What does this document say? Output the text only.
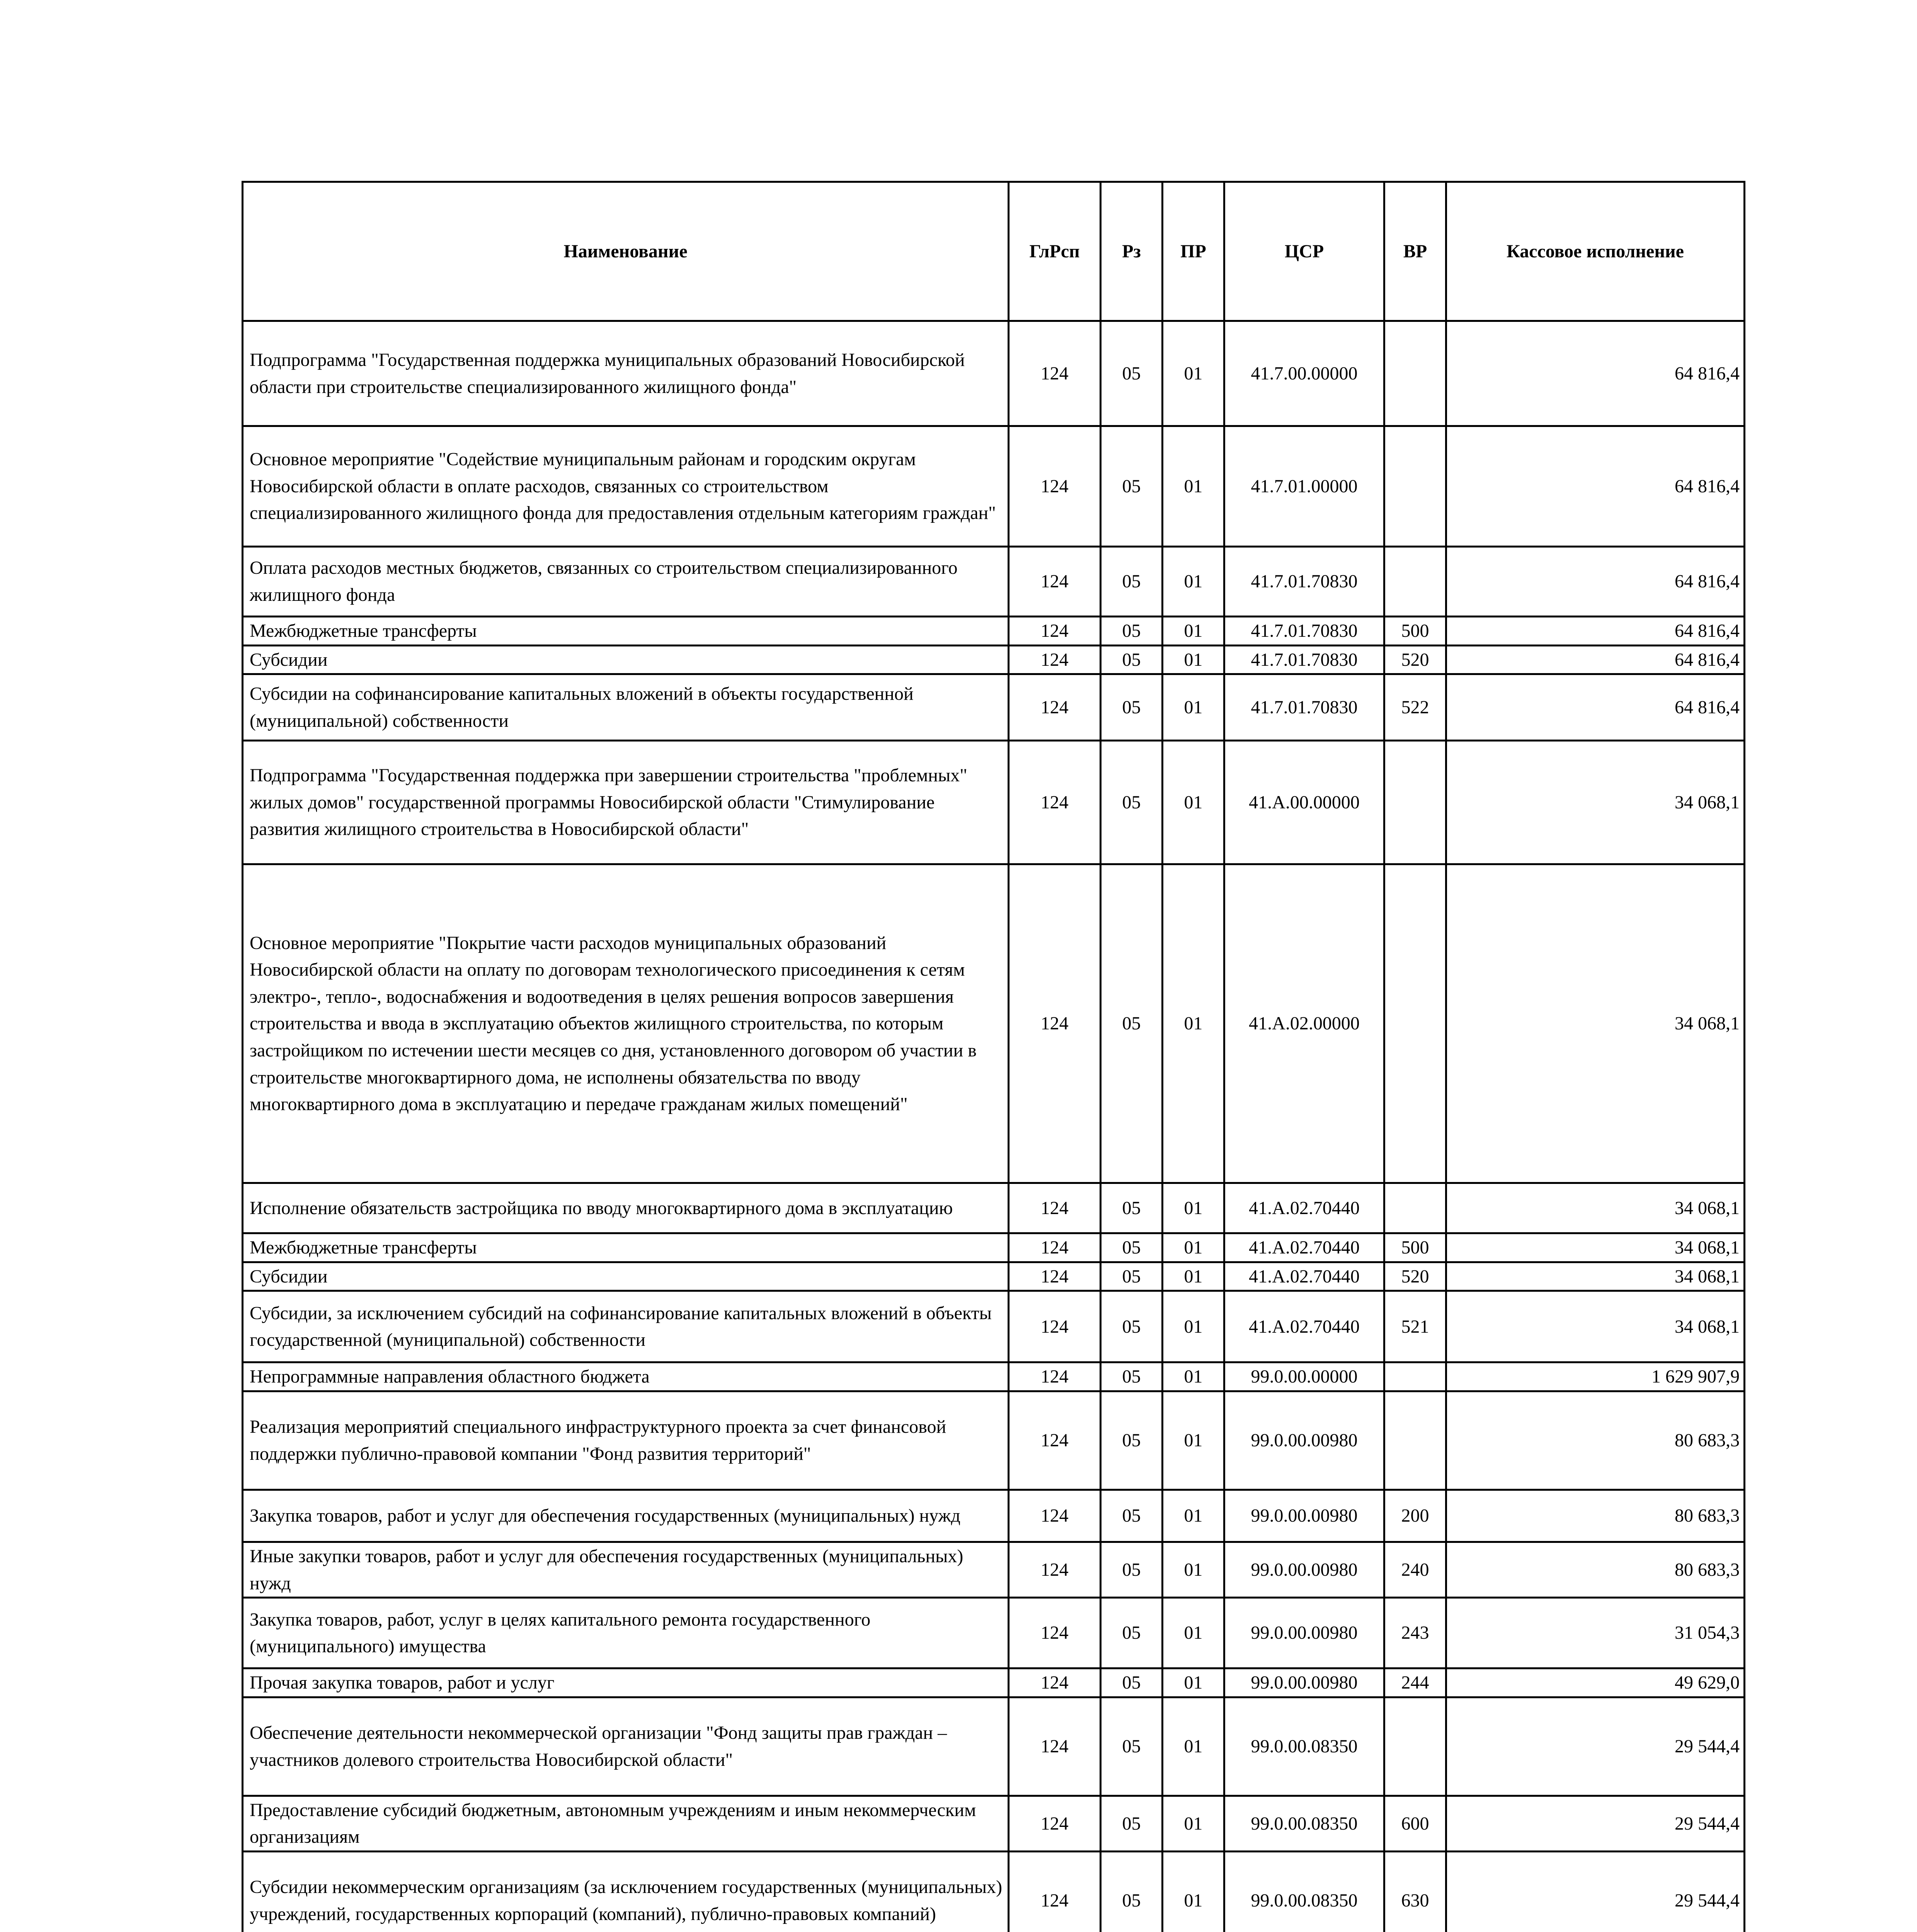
Наименование	ГлРсп	Рз	ПР	ЦСР	ВР	Кассовое исполнение
Подпрограмма "Государственная поддержка муниципальных образований Новосибирской области при строительстве специализированного жилищного фонда"	124	05	01	41.7.00.00000		64 816,4
Основное мероприятие "Содействие муниципальным районам и городским округам Новосибирской области в оплате расходов, связанных со строительством специализированного жилищного фонда для предоставления отдельным категориям граждан"	124	05	01	41.7.01.00000		64 816,4
Оплата расходов местных бюджетов, связанных со строительством специализированного жилищного фонда	124	05	01	41.7.01.70830		64 816,4
Межбюджетные трансферты	124	05	01	41.7.01.70830	500	64 816,4
Субсидии	124	05	01	41.7.01.70830	520	64 816,4
Субсидии на софинансирование капитальных вложений в объекты государственной (муниципальной) собственности	124	05	01	41.7.01.70830	522	64 816,4
Подпрограмма "Государственная поддержка при завершении строительства "проблемных" жилых домов" государственной программы Новосибирской области "Стимулирование развития жилищного строительства в Новосибирской области"	124	05	01	41.А.00.00000		34 068,1
Основное мероприятие "Покрытие части расходов муниципальных образований Новосибирской области на оплату по договорам технологического присоединения к сетям электро-, тепло-, водоснабжения и водоотведения в целях решения вопросов завершения строительства и ввода в эксплуатацию объектов жилищного строительства, по которым застройщиком по истечении шести месяцев со дня, установленного договором об участии в строительстве многоквартирного дома, не исполнены обязательства по вводу многоквартирного дома в эксплуатацию и передаче гражданам жилых помещений"	124	05	01	41.А.02.00000		34 068,1
Исполнение обязательств застройщика по вводу многоквартирного дома в эксплуатацию	124	05	01	41.А.02.70440		34 068,1
Межбюджетные трансферты	124	05	01	41.А.02.70440	500	34 068,1
Субсидии	124	05	01	41.А.02.70440	520	34 068,1
Субсидии, за исключением субсидий на софинансирование капитальных вложений в объекты государственной (муниципальной) собственности	124	05	01	41.А.02.70440	521	34 068,1
Непрограммные направления областного бюджета	124	05	01	99.0.00.00000		1 629 907,9
Реализация мероприятий специального инфраструктурного проекта за счет финансовой поддержки публично-правовой компании "Фонд развития территорий"	124	05	01	99.0.00.00980		80 683,3
Закупка товаров, работ и услуг для обеспечения государственных (муниципальных) нужд	124	05	01	99.0.00.00980	200	80 683,3
Иные закупки товаров, работ и услуг для обеспечения государственных (муниципальных) нужд	124	05	01	99.0.00.00980	240	80 683,3
Закупка товаров, работ, услуг в целях капитального ремонта государственного (муниципального) имущества	124	05	01	99.0.00.00980	243	31 054,3
Прочая закупка товаров, работ и услуг	124	05	01	99.0.00.00980	244	49 629,0
Обеспечение деятельности некоммерческой организации "Фонд защиты прав граждан – участников долевого строительства Новосибирской области"	124	05	01	99.0.00.08350		29 544,4
Предоставление субсидий бюджетным, автономным учреждениям и иным некоммерческим организациям	124	05	01	99.0.00.08350	600	29 544,4
Субсидии некоммерческим организациям (за исключением государственных (муниципальных) учреждений, государственных корпораций (компаний), публично-правовых компаний)	124	05	01	99.0.00.08350	630	29 544,4
